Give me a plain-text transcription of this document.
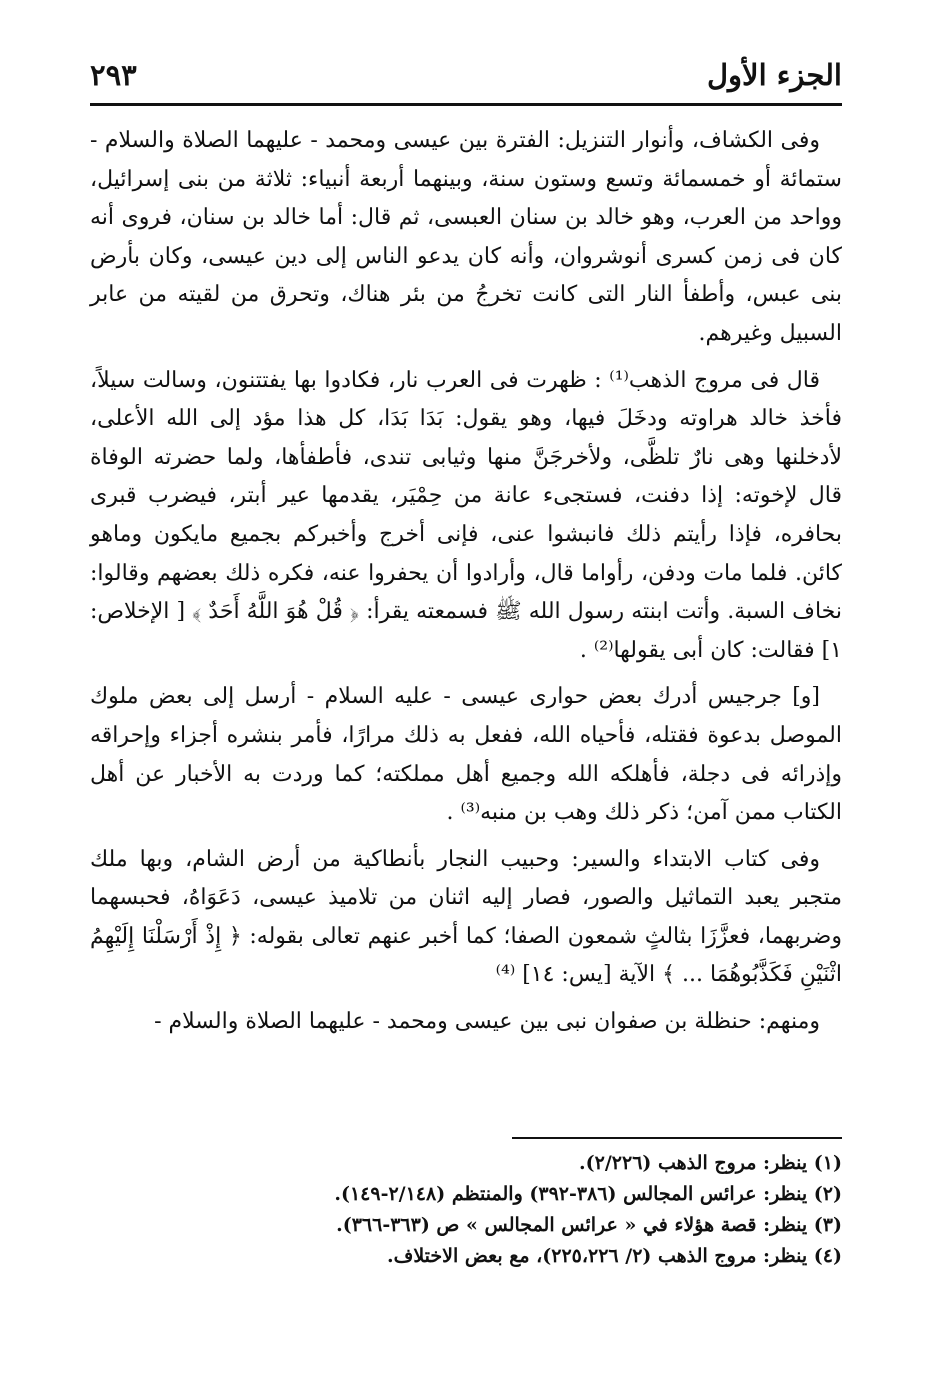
الجزء الأول
٢٩٣

وفى الكشاف، وأنوار التنزيل: الفترة بين عيسى ومحمد - عليهما الصلاة والسلام - ستمائة أو خمسمائة وتسع وستون سنة، وبينهما أربعة أنبياء: ثلاثة من بنى إسرائيل، وواحد من العرب، وهو خالد بن سنان العبسى، ثم قال: أما خالد بن سنان، فروى أنه كان فى زمن كسرى أنوشروان، وأنه كان يدعو الناس إلى دين عيسى، وكان بأرض بنى عبس، وأطفأ النار التى كانت تخرجُ من بئر هناك، وتحرق من لقيته من عابر السبيل وغيرهم.

قال فى مروج الذهب⁽¹⁾ : ظهرت فى العرب نار، فكادوا بها يفتتنون، وسالت سيلاً، فأخذ خالد هراوته ودخَلَ فيها، وهو يقول: بَدَا بَدَا، كل هذا مؤد إلى الله الأعلى، لأدخلنها وهى نارٌ تلظَّى، ولأخرجَنَّ منها وثيابى تندى، فأطفأها، ولما حضرته الوفاة قال لإخوته: إذا دفنت، فستجىء عانة من حِمْيَر، يقدمها عير أبتر، فيضرب قبرى بحافره، فإذا رأيتم ذلك فانبشوا عنى، فإنى أخرج وأخبركم بجميع مايكون وماهو كائن. فلما مات ودفن، رأواما قال، وأرادوا أن يحفروا عنه، فكره ذلك بعضهم وقالوا: نخاف السبة. وأتت ابنته رسول الله ﷺ فسمعته يقرأ: ﴿ قُلْ هُوَ اللَّهُ أَحَدٌ ﴾ [ الإخلاص: ١] فقالت: كان أبى يقولها⁽²⁾ .

[و] جرجيس أدرك بعض حوارى عيسى - عليه السلام - أرسل إلى بعض ملوك الموصل بدعوة فقتله، فأحياه الله، ففعل به ذلك مرارًا، فأمر بنشره أجزاء وإحراقه وإذرائه فى دجلة، فأهلكه الله وجميع أهل مملكته؛ كما وردت به الأخبار عن أهل الكتاب ممن آمن؛ ذكر ذلك وهب بن منبه⁽³⁾ .

وفى كتاب الابتداء والسير: وحبيب النجار بأنطاكية من أرض الشام، وبها ملك متجبر يعبد التماثيل والصور، فصار إليه اثنان من تلاميذ عيسى، دَعَوَاهُ، فحبسهما وضربهما، فعزَّزَا بثالثٍ شمعون الصفا؛ كما أخبر عنهم تعالى بقوله: ﴿ إِذْ أَرْسَلْنَا إِلَيْهِمُ اثْنَيْنِ فَكَذَّبُوهُمَا ... ﴾ الآية [يس: ١٤] ⁽⁴⁾

ومنهم: حنظلة بن صفوان نبى بين عيسى ومحمد - عليهما الصلاة والسلام -

(١) ينظر: مروج الذهب (٢/٢٢٦).
(٢) ينظر: عرائس المجالس (٣٨٦-٣٩٢) والمنتظم (٢/١٤٨-١٤٩).
(٣) ينظر: قصة هؤلاء في « عرائس المجالس » ص (٣٦٣-٣٦٦).
(٤) ينظر: مروج الذهب (٢/ ٢٢٥،٢٢٦)، مع بعض الاختلاف.
